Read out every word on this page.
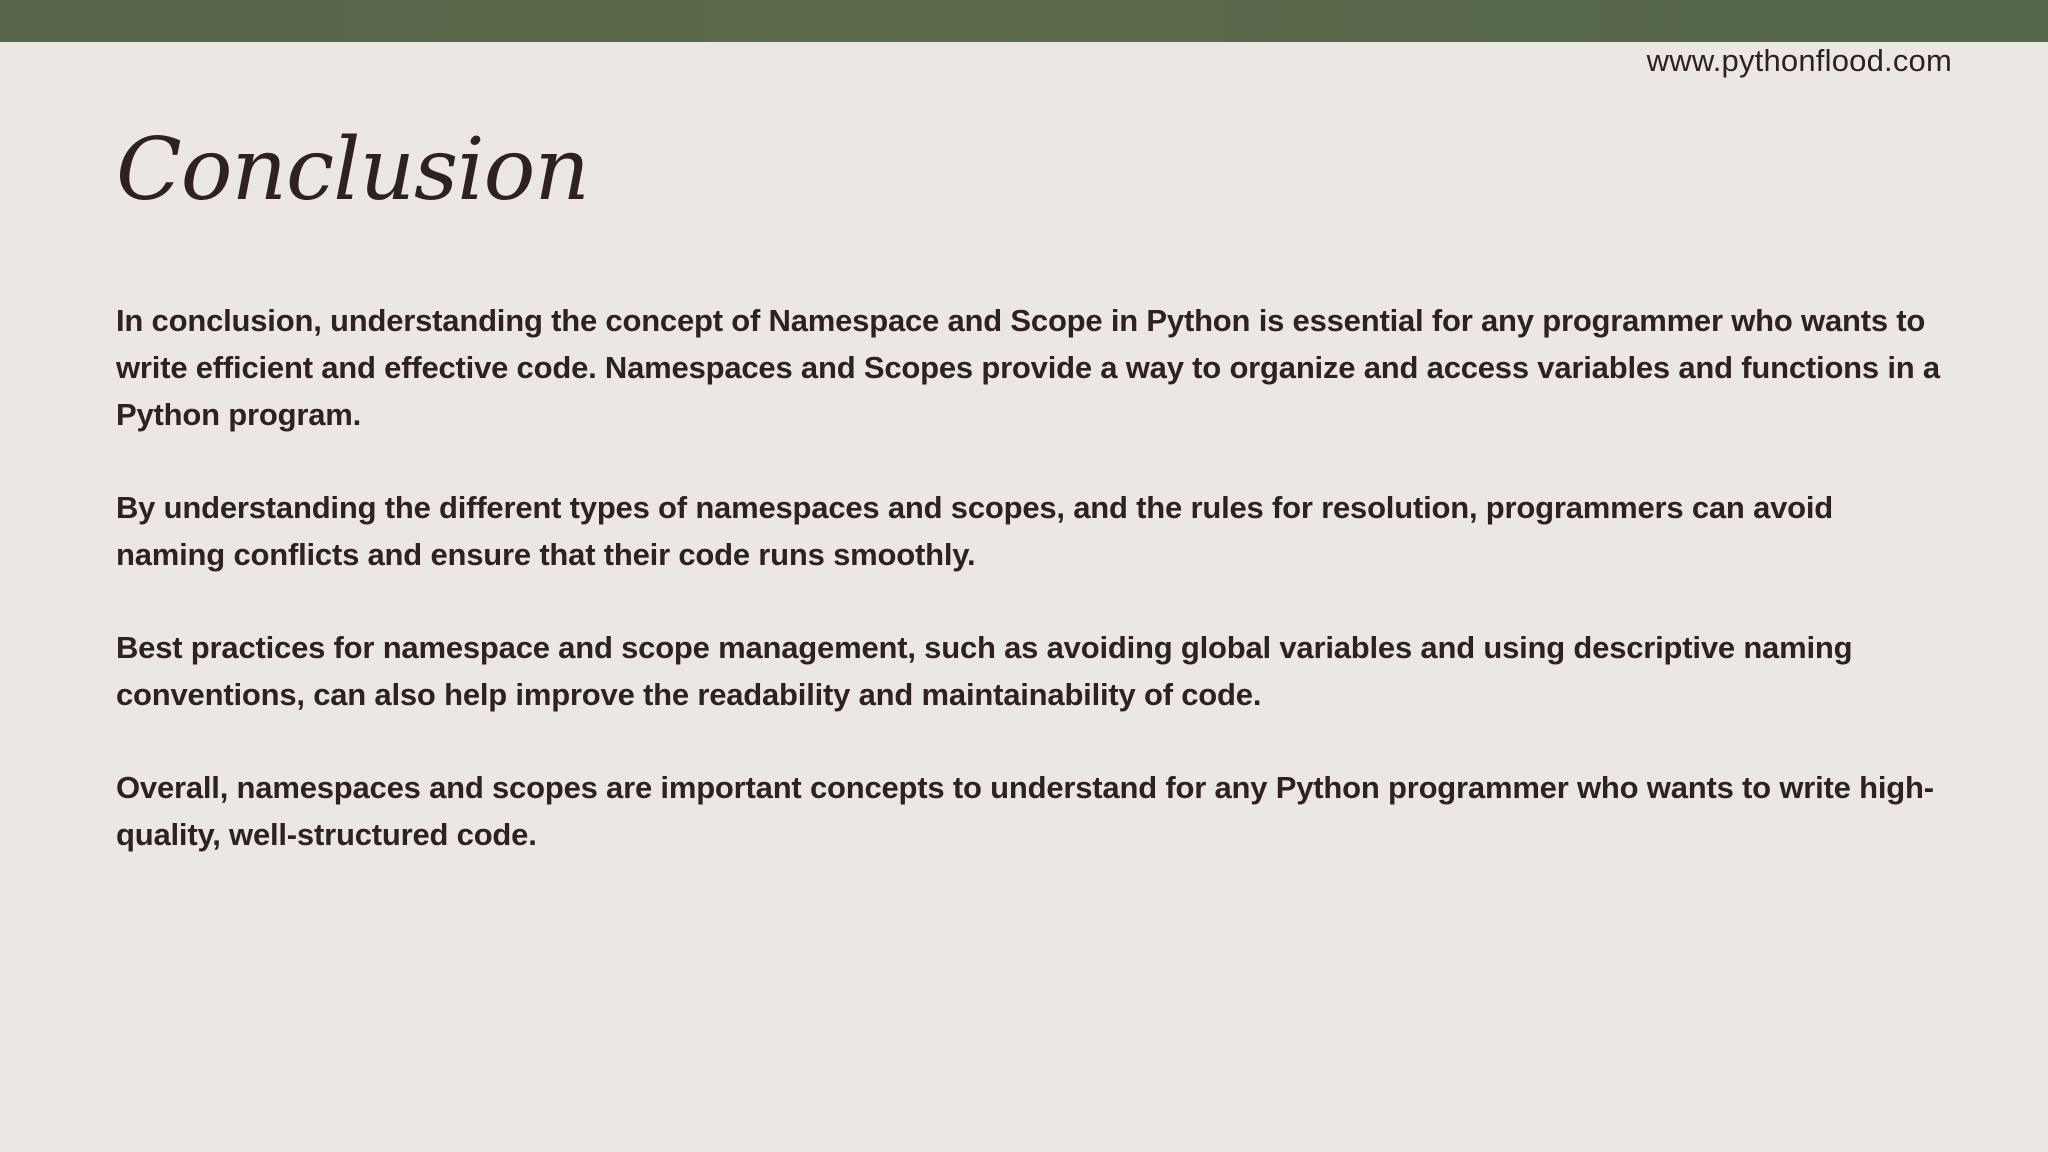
www.pythonflood.com
Conclusion

In conclusion, understanding the concept of Namespace and Scope in Python is essential for any programmer who wants to write efficient and effective code. Namespaces and Scopes provide a way to organize and access variables and functions in a Python program.

By understanding the different types of namespaces and scopes, and the rules for resolution, programmers can avoid naming conflicts and ensure that their code runs smoothly.

Best practices for namespace and scope management, such as avoiding global variables and using descriptive naming conventions, can also help improve the readability and maintainability of code.

Overall, namespaces and scopes are important concepts to understand for any Python programmer who wants to write high-quality, well-structured code.
